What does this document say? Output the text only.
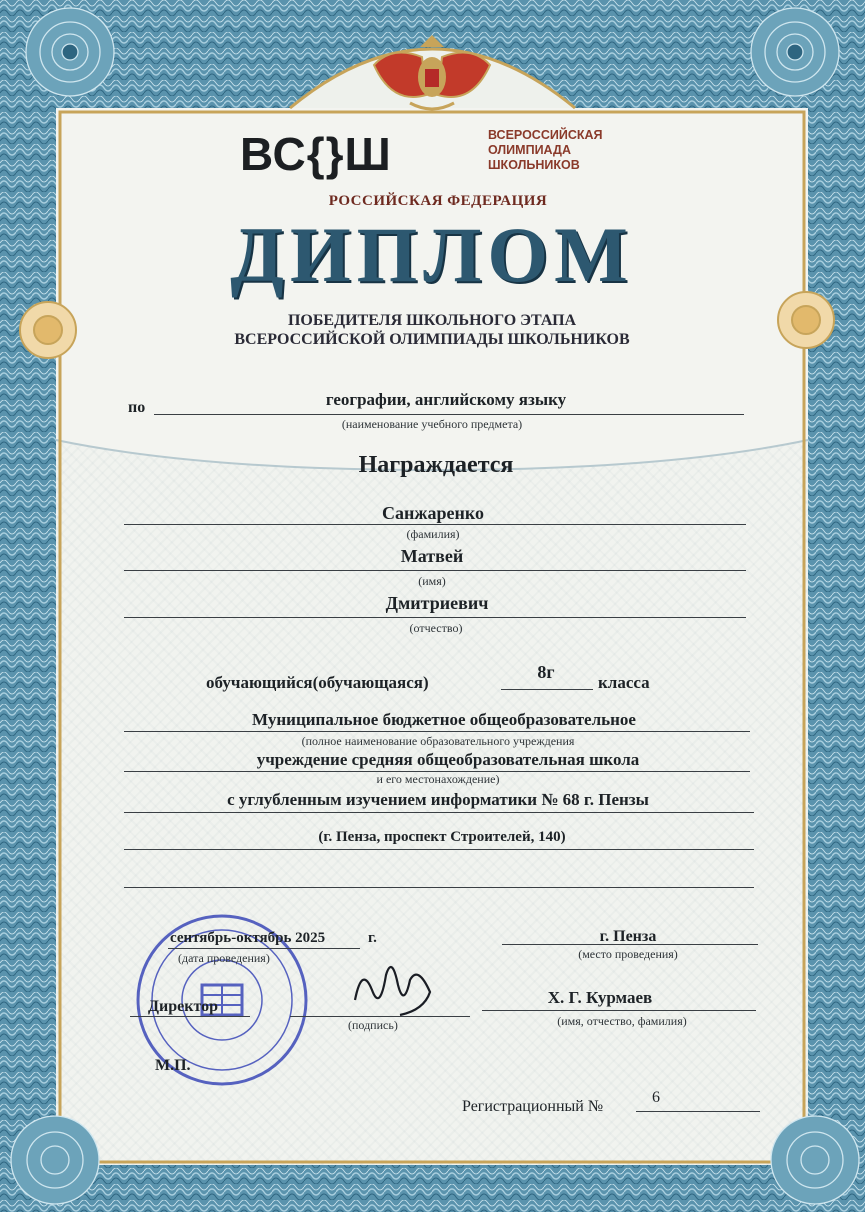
ВС{}Ш	ВСЕРОССИЙСКАЯ
ОЛИМПИАДА
ШКОЛЬНИКОВ
РОССИЙСКАЯ ФЕДЕРАЦИЯ
ДИПЛОМ
ПОБЕДИТЕЛЯ ШКОЛЬНОГО ЭТАПА
ВСЕРОССИЙСКОЙ ОЛИМПИАДЫ ШКОЛЬНИКОВ
по	географии, английскому языку
(наименование учебного предмета)
Награждается
Санжаренко
(фамилия)
Матвей
(имя)
Дмитриевич
(отчество)
обучающийся(обучающаяся)
8г
класса
Муниципальное бюджетное общеобразовательное
(полное наименование образовательного учреждения
учреждение средняя общеобразовательная школа
и его местонахождение)
с углубленным изучением информатики № 68 г. Пензы
(г. Пенза, проспект Строителей, 140)
сентябрь-октябрь 2025	г.
(дата проведения)
г. Пенза
(место проведения)
Директор
(подпись)
Х. Г. Курмаев
(имя, отчество, фамилия)
М.П.
Регистрационный №
6
